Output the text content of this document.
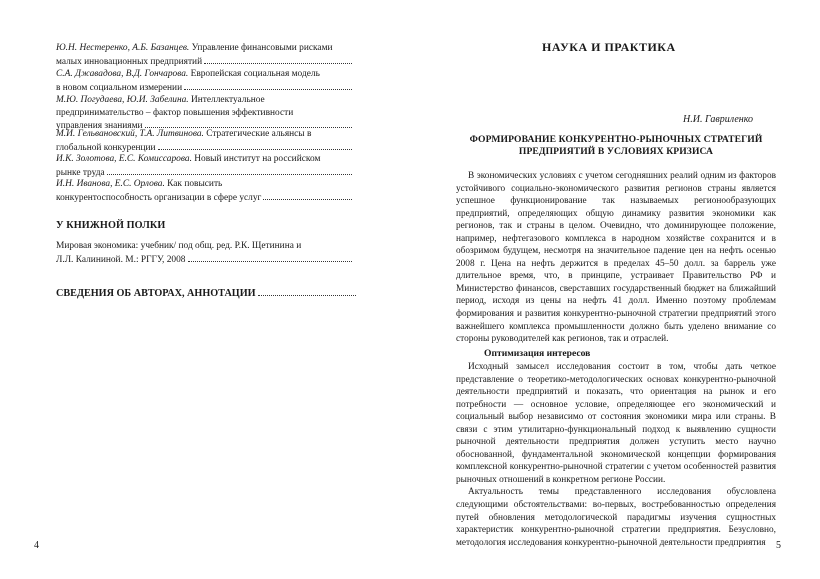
Ю.Н. Нестеренко, А.Б. Базанцев. Управление финансовыми рисками
малых инновационных предприятий
С.А. Джавадова, В.Д. Гончарова. Европейская социальная модель
в новом социальном измерении
М.Ю. Погудаева, Ю.И. Забелина. Интеллектуальное
предпринимательство – фактор повышения эффективности
управления знаниями
М.И. Гельвановский, Т.А. Литвинова. Стратегические альянсы в
глобальной конкуренции
И.К. Золотова, Е.С. Комиссарова. Новый институт на российском
рынке труда
И.Н. Иванова, Е.С. Орлова. Как повысить
конкурентоспособность организации в сфере услуг
У КНИЖНОЙ ПОЛКИ
Мировая экономика: учебник/ под общ. ред. Р.К. Щетинина и
Л.Л. Калининой. М.: РГГУ, 2008
СВЕДЕНИЯ ОБ АВТОРАХ, АННОТАЦИИ
4
НАУКА И ПРАКТИКА
Н.И. Гавриленко
ФОРМИРОВАНИЕ КОНКУРЕНТНО-РЫНОЧНЫХ СТРАТЕГИЙ
ПРЕДПРИЯТИЙ В УСЛОВИЯХ КРИЗИСА

В экономических условиях с учетом сегодняшних реалий одним из факторов устойчивого социально-экономического развития регионов страны является успешное функционирование так называемых регионообразующих предприятий, определяющих общую динамику развития экономики как регионов, так и страны в целом. Очевидно, что доминирующее положение, например, нефтегазового комплекса в народном хозяйстве сохранится и в обозримом будущем, несмотря на значительное падение цен на нефть осенью 2008 г. Цена на нефть держится в пределах 45–50 долл. за баррель уже длительное время, что, в принципе, устраивает Правительство РФ и Министерство финансов, сверставших государственный бюджет на ближайший период, исходя из цены на нефть 41 долл. Именно поэтому проблемам формирования и развития конкурентно-рыночной стратегии предприятий этого важнейшего комплекса промышленности должно быть уделено внимание со стороны руководителей как регионов, так и отраслей.

Оптимизация интересов

Исходный замысел исследования состоит в том, чтобы дать четкое представление о теоретико-методологических основах конкурентно-рыночной деятельности предприятий и показать, что ориентация на рынок и его потребности — основное условие, определяющее его экономический и социальный выбор независимо от состояния экономики мира или страны. В связи с этим утилитарно-функциональный подход к выявлению сущности рыночной деятельности предприятия должен уступить место научно обоснованной, фундаментальной экономической концепции формирования комплексной конкурентно-рыночной стратегии с учетом особенностей развития рыночных отношений в конкретном регионе России.

Актуальность темы представленного исследования обусловлена следующими обстоятельствами: во-первых, востребованностью определения путей обновления методологической парадигмы изучения сущностных характеристик конкурентно-рыночной стратегии предприятия. Безусловно, методология исследования конкурентно-рыночной деятельности предприятия	5
